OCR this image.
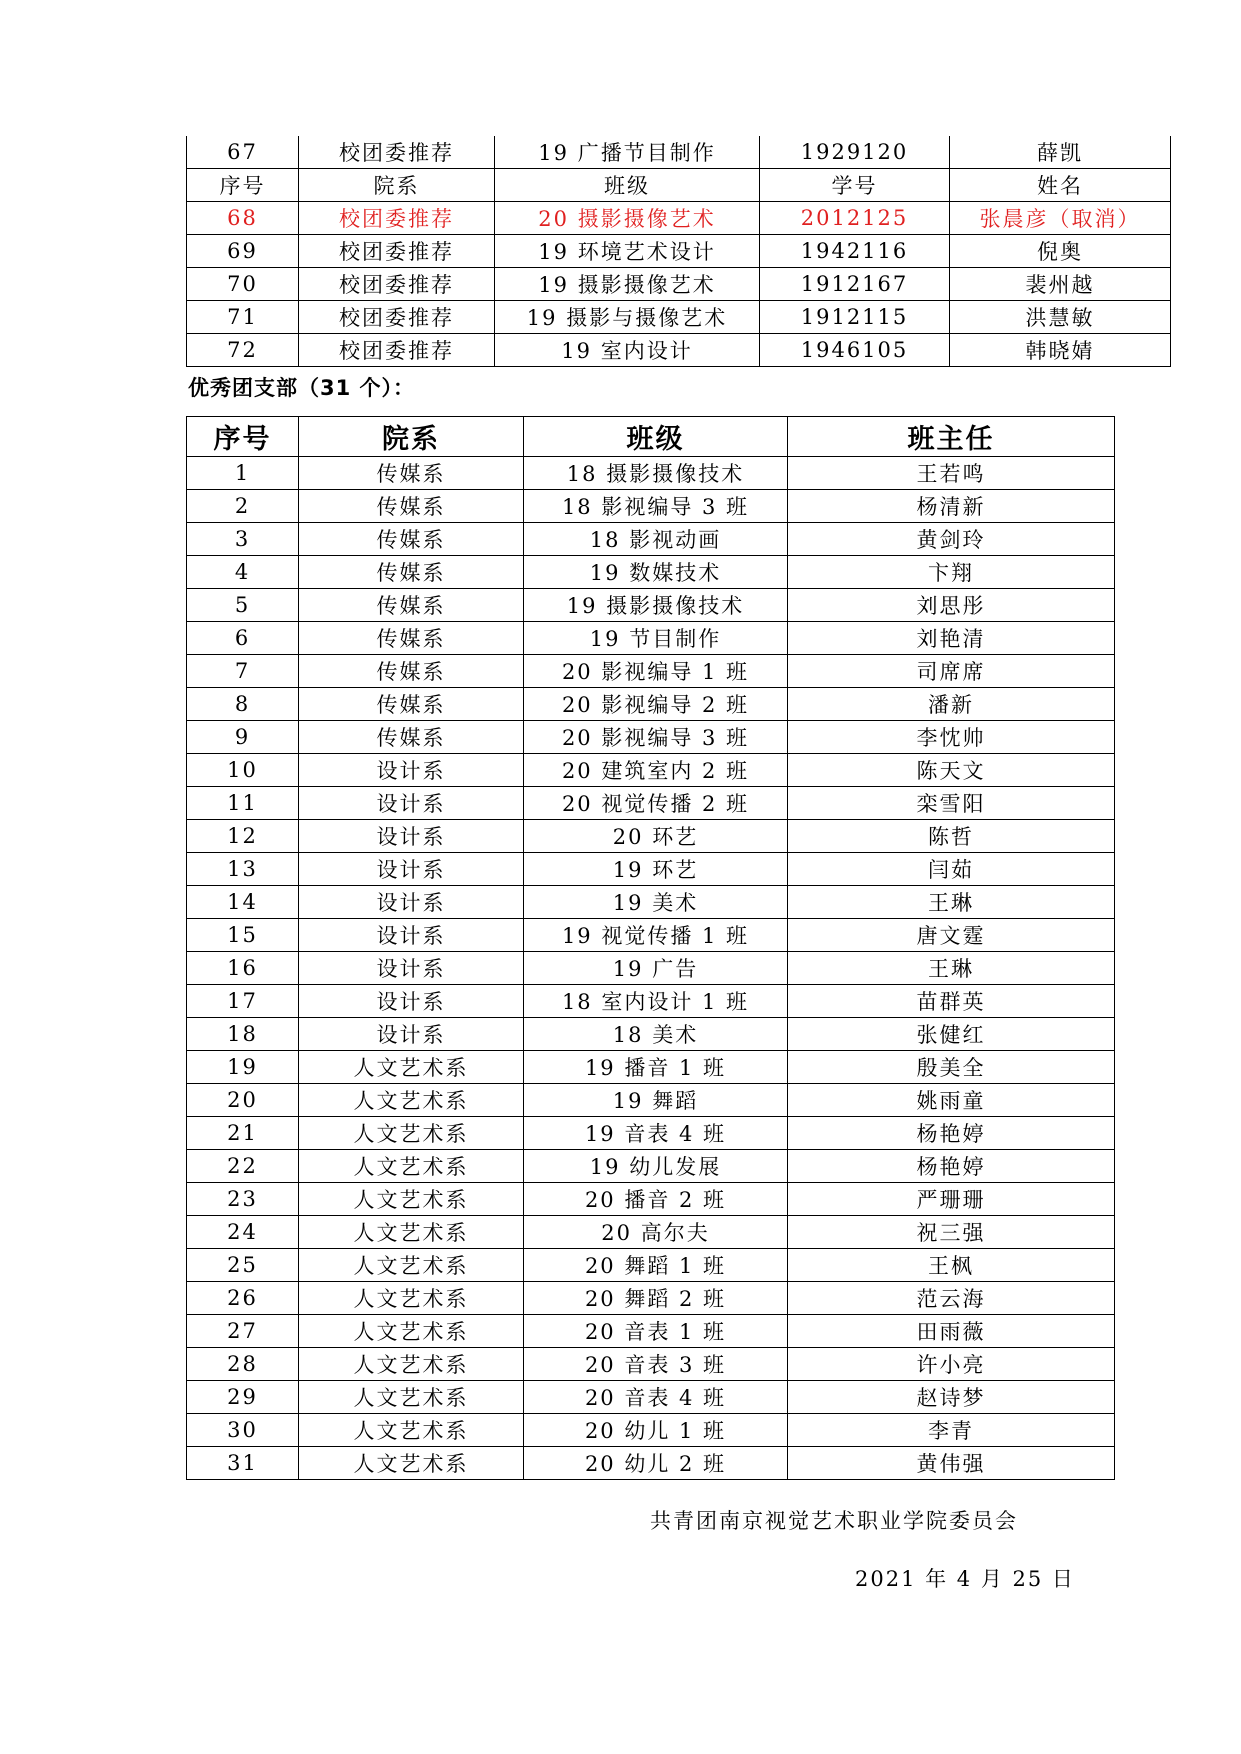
67	校团委推荐	19 广播节目制作	1929120	薛凯
序号	院系	班级	学号	姓名
68	校团委推荐	20 摄影摄像艺术	2012125	张晨彦（取消）
69	校团委推荐	19 环境艺术设计	1942116	倪奥
70	校团委推荐	19 摄影摄像艺术	1912167	裴州越
71	校团委推荐	19 摄影与摄像艺术	1912115	洪慧敏
72	校团委推荐	19 室内设计	1946105	韩晓婧
优秀团支部（31 个）：
序号	院系	班级	班主任
1	传媒系	18 摄影摄像技术	王若鸣
2	传媒系	18 影视编导 3 班	杨清新
3	传媒系	18 影视动画	黄剑玲
4	传媒系	19 数媒技术	卞翔
5	传媒系	19 摄影摄像技术	刘思彤
6	传媒系	19 节目制作	刘艳清
7	传媒系	20 影视编导 1 班	司席席
8	传媒系	20 影视编导 2 班	潘新
9	传媒系	20 影视编导 3 班	李忱帅
10	设计系	20 建筑室内 2 班	陈天文
11	设计系	20 视觉传播 2 班	栾雪阳
12	设计系	20 环艺	陈哲
13	设计系	19 环艺	闫茹
14	设计系	19 美术	王琳
15	设计系	19 视觉传播 1 班	唐文霆
16	设计系	19 广告	王琳
17	设计系	18 室内设计 1 班	苗群英
18	设计系	18 美术	张健红
19	人文艺术系	19 播音 1 班	殷美全
20	人文艺术系	19 舞蹈	姚雨童
21	人文艺术系	19 音表 4 班	杨艳婷
22	人文艺术系	19 幼儿发展	杨艳婷
23	人文艺术系	20 播音 2 班	严珊珊
24	人文艺术系	20 高尔夫	祝三强
25	人文艺术系	20 舞蹈 1 班	王枫
26	人文艺术系	20 舞蹈 2 班	范云海
27	人文艺术系	20 音表 1 班	田雨薇
28	人文艺术系	20 音表 3 班	许小亮
29	人文艺术系	20 音表 4 班	赵诗梦
30	人文艺术系	20 幼儿 1 班	李青
31	人文艺术系	20 幼儿 2 班	黄伟强
共青团南京视觉艺术职业学院委员会
2021 年 4 月 25 日
